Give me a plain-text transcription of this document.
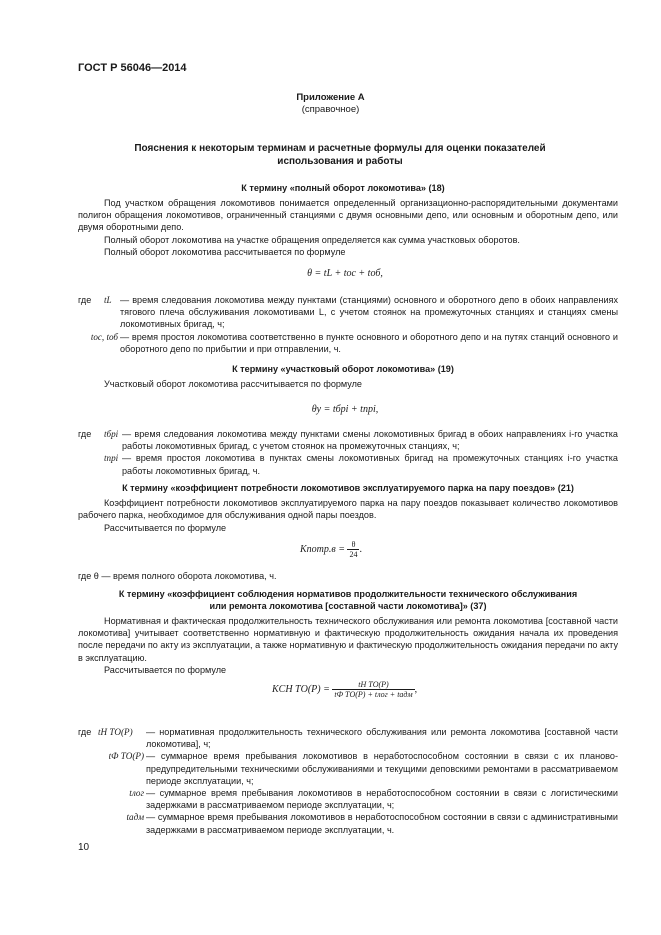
ГОСТ Р 56046—2014
Приложение А
(справочное)
Пояснения к некоторым терминам и расчетные формулы для оценки показателей
использования и работы
К термину «полный оборот локомотива» (18)
Под участком обращения локомотивов понимается определенный организационно-распорядительными документами полигон обращения локомотивов, ограниченный станциями с двумя основными депо, или основным и оборотным депо, или двумя оборотными депо.
Полный оборот локомотива на участке обращения определяется как сумма участковых оборотов.
Полный оборот локомотива рассчитывается по формуле
θ = tL + tос + tоб,
где	tL	— время следования локомотива между пунктами (станциями) основного и оборотного депо в обоих направлениях тягового плеча обслуживания локомотивами L, с учетом стоянок на промежуточных станциях и станциях смены локомотивных бригад, ч;
tос, tоб		— время простоя локомотива соответственно в пункте основного и оборотного депо и на путях станций основного и оборотного депо по прибытии и при отправлении, ч.
К термину «участковый оборот локомотива» (19)
Участковый оборот локомотива рассчитывается по формуле
θу = tбрi + tпрi,
где	tбрi	— время следования локомотива между пунктами смены локомотивных бригад в обоих направлениях i-го участка работы локомотивных бригад, с учетом стоянок на промежуточных станциях, ч;
	tпрi	— время простоя локомотива в пунктах смены локомотивных бригад на промежуточных станциях i-го участка работы локомотивных бригад, ч.
К термину «коэффициент потребности локомотивов эксплуатируемого парка на пару поездов» (21)
Коэффициент потребности локомотивов эксплуатируемого парка на пару поездов показывает количество локомотивов рабочего парка, необходимое для обслуживания одной пары поездов.
Рассчитывается по формуле
Kпотр.в = $\frac{\theta}{24}$ .
где θ — время полного оборота локомотива, ч.
К термину «коэффициент соблюдения нормативов продолжительности технического обслуживания
или ремонта локомотива [составной части локомотива]» (37)
Нормативная и фактическая продолжительность технического обслуживания или ремонта локомотива [составной части локомотива] учитывает соответственно нормативную и фактическую продолжительность ожидания начала их проведения после передачи по акту из эксплуатации, а также нормативную и фактическую продолжительность ожидания передачи по акту в эксплуатацию.
Рассчитывается по формуле
KСН $ТО(Р) = \frac{\text{tН ТО(Р)}}{\text{tФ ТО(Р) + tлог + tадм}}$ ,
где	tН ТО(Р)	— нормативная продолжительность технического обслуживания или ремонта локомотива [составной части локомотива], ч;
	tФ ТО(Р)	— суммарное время пребывания локомотивов в неработоспособном состоянии в связи с их планово-предупредительными техническими обслуживаниями и текущими деповскими ремонтами в рассматриваемом периоде эксплуатации, ч;
	tлог	— суммарное время пребывания локомотивов в неработоспособном состоянии в связи с логистическими задержками в рассматриваемом периоде эксплуатации, ч;
	tадм	— суммарное время пребывания локомотивов в неработоспособном состоянии в связи с административными задержками в рассматриваемом периоде эксплуатации, ч.
10
